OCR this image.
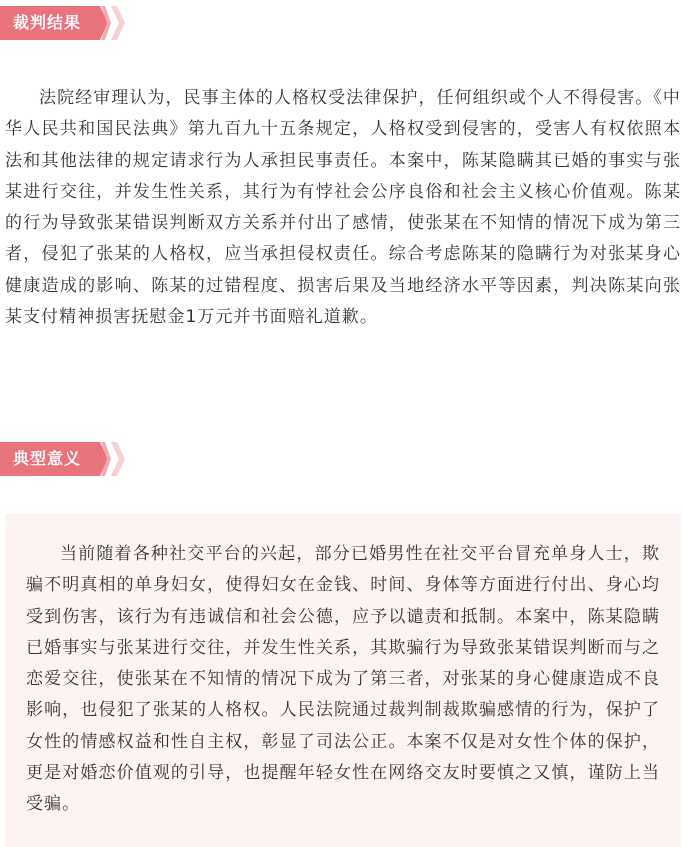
裁判结果

法院经审理认为，民事主体的人格权受法律保护，任何组织或个人不得侵害。《中华人民共和国民法典》第九百九十五条规定，人格权受到侵害的，受害人有权依照本法和其他法律的规定请求行为人承担民事责任。本案中，陈某隐瞒其已婚的事实与张某进行交往，并发生性关系，其行为有悖社会公序良俗和社会主义核心价值观。陈某的行为导致张某错误判断双方关系并付出了感情，使张某在不知情的情况下成为第三者，侵犯了张某的人格权，应当承担侵权责任。综合考虑陈某的隐瞒行为对张某身心健康造成的影响、陈某的过错程度、损害后果及当地经济水平等因素，判决陈某向张某支付精神损害抚慰金1万元并书面赔礼道歉。

典型意义

当前随着各种社交平台的兴起，部分已婚男性在社交平台冒充单身人士，欺骗不明真相的单身妇女，使得妇女在金钱、时间、身体等方面进行付出、身心均受到伤害，该行为有违诚信和社会公德，应予以谴责和抵制。本案中，陈某隐瞒已婚事实与张某进行交往，并发生性关系，其欺骗行为导致张某错误判断而与之恋爱交往，使张某在不知情的情况下成为了第三者，对张某的身心健康造成不良影响，也侵犯了张某的人格权。人民法院通过裁判制裁欺骗感情的行为，保护了女性的情感权益和性自主权，彰显了司法公正。本案不仅是对女性个体的保护，更是对婚恋价值观的引导，也提醒年轻女性在网络交友时要慎之又慎，谨防上当受骗。
